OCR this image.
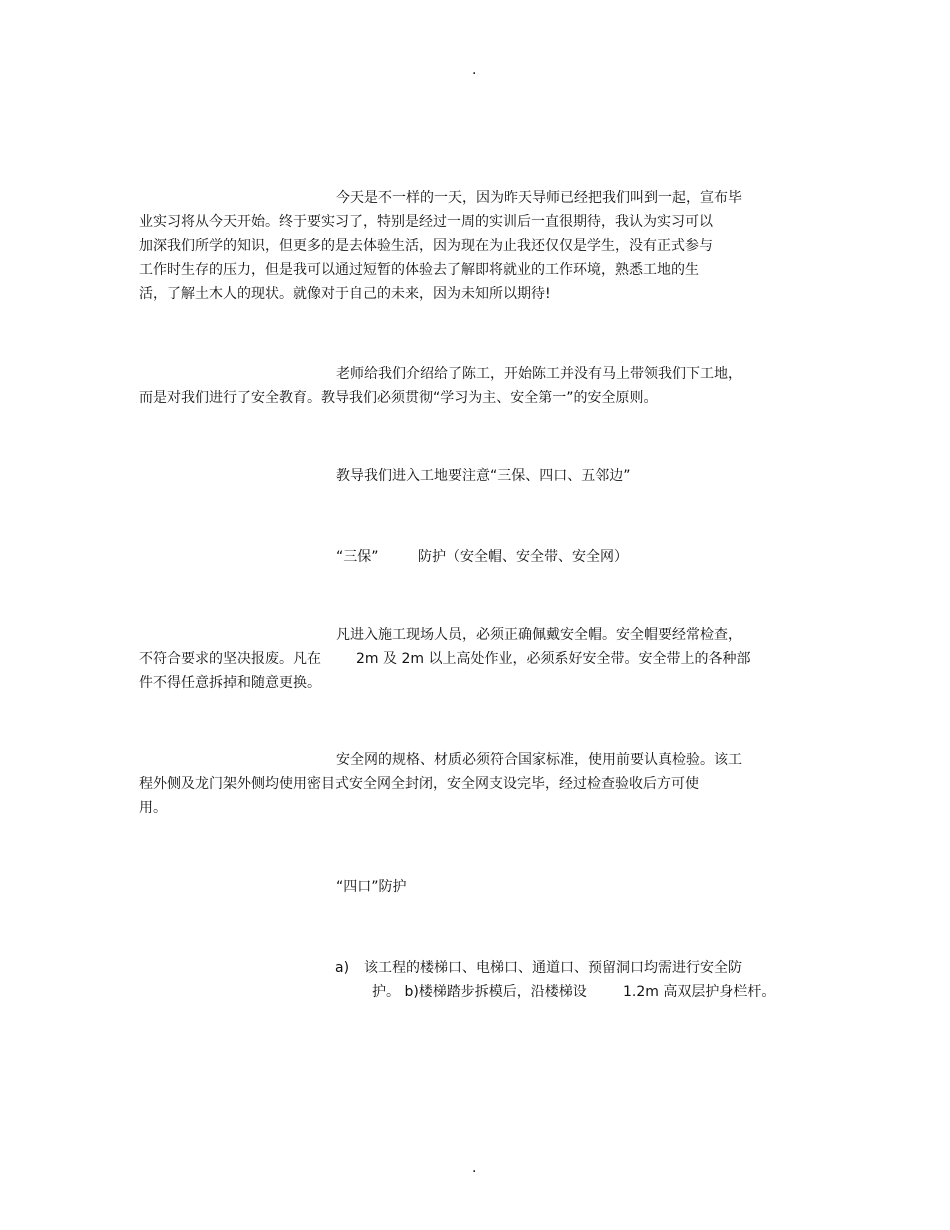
.
今天是不一样的一天，因为昨天导师已经把我们叫到一起，宣布毕
业实习将从今天开始。终于要实习了，特别是经过一周的实训后一直很期待，我认为实习可以
加深我们所学的知识，但更多的是去体验生活，因为现在为止我还仅仅是学生，没有正式参与
工作时生存的压力，但是我可以通过短暂的体验去了解即将就业的工作环境，熟悉工地的生
活，了解土木人的现状。就像对于自己的未来，因为未知所以期待!
老师给我们介绍给了陈工，开始陈工并没有马上带领我们下工地，
而是对我们进行了安全教育。教导我们必须贯彻“学习为主、安全第一”的安全原则。
教导我们进入工地要注意“三保、四口、五邻边”
“三保”	防护（安全帽、安全带、安全网）
凡进入施工现场人员，必须正确佩戴安全帽。安全帽要经常检查，
不符合要求的坚决报废。凡在	2m 及 2m 以上高处作业，必须系好安全带。安全带上的各种部
件不得任意拆掉和随意更换。
安全网的规格、材质必须符合国家标准，使用前要认真检验。该工
程外侧及龙门架外侧均使用密目式安全网全封闭，安全网支设完毕，经过检查验收后方可使
用。
“四口”防护
a) 该工程的楼梯口、电梯口、通道口、预留洞口均需进行安全防
护。 b)楼梯踏步拆模后，沿楼梯设	1.2m 高双层护身栏杆。
.
